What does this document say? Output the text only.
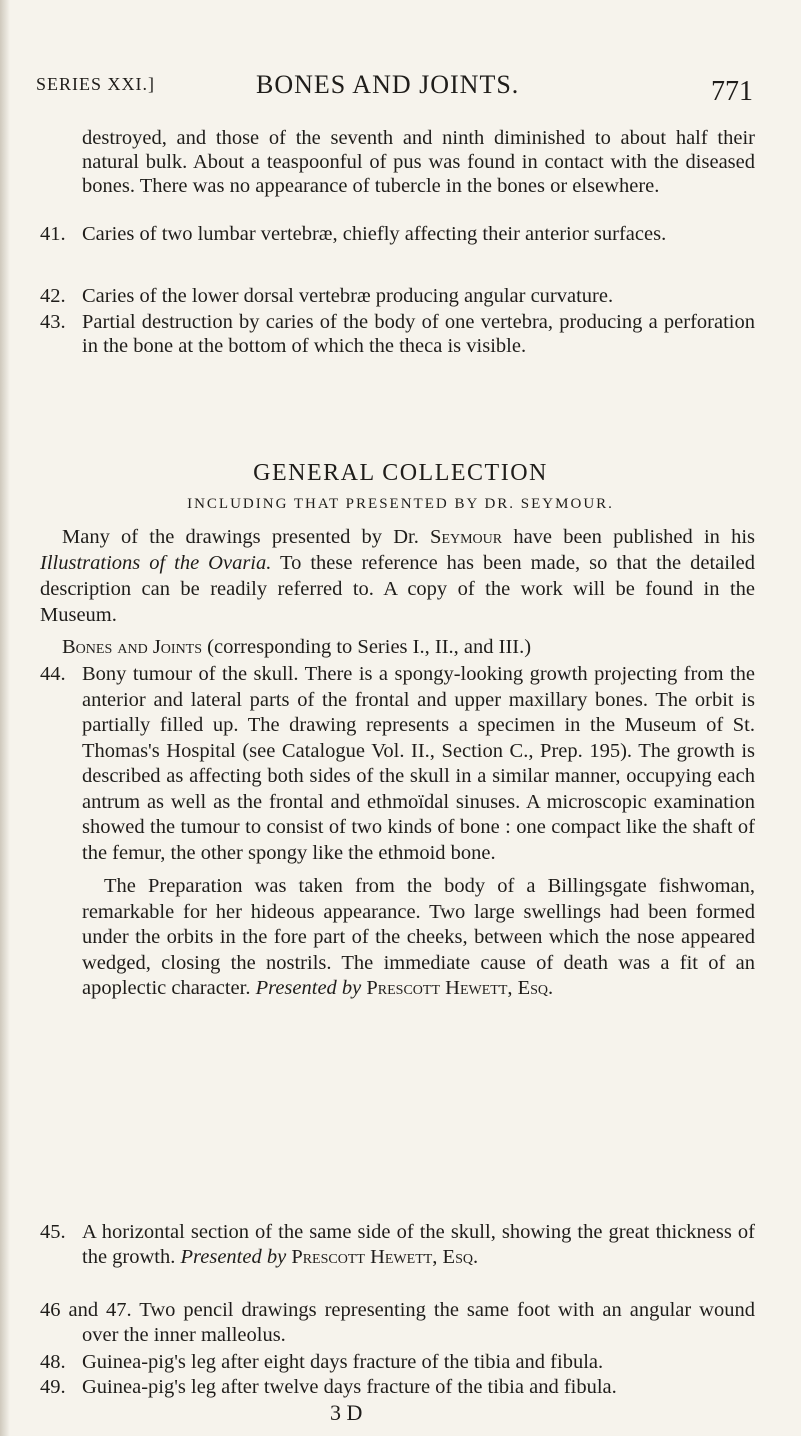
SERIES XXI.]	BONES AND JOINTS.	771
destroyed, and those of the seventh and ninth diminished to about half their natural bulk. About a teaspoonful of pus was found in contact with the diseased bones. There was no appearance of tubercle in the bones or elsewhere.
41. Caries of two lumbar vertebræ, chiefly affecting their anterior surfaces.
42. Caries of the lower dorsal vertebræ producing angular curvature.
43. Partial destruction by caries of the body of one vertebra, producing a perforation in the bone at the bottom of which the theca is visible.
GENERAL COLLECTION
INCLUDING THAT PRESENTED BY DR. SEYMOUR.
Many of the drawings presented by Dr. Seymour have been published in his Illustrations of the Ovaria. To these reference has been made, so that the detailed description can be readily referred to. A copy of the work will be found in the Museum.
Bones and Joints (corresponding to Series I., II., and III.)
44. Bony tumour of the skull. There is a spongy-looking growth projecting from the anterior and lateral parts of the frontal and upper maxillary bones. The orbit is partially filled up. The drawing represents a specimen in the Museum of St. Thomas's Hospital (see Catalogue Vol. II., Section C., Prep. 195). The growth is described as affecting both sides of the skull in a similar manner, occupying each antrum as well as the frontal and ethmoïdal sinuses. A microscopic examination showed the tumour to consist of two kinds of bone : one compact like the shaft of the femur, the other spongy like the ethmoid bone.
The Preparation was taken from the body of a Billingsgate fishwoman, remarkable for her hideous appearance. Two large swellings had been formed under the orbits in the fore part of the cheeks, between which the nose appeared wedged, closing the nostrils. The immediate cause of death was a fit of an apoplectic character. Presented by Prescott Hewett, Esq.
45. A horizontal section of the same side of the skull, showing the great thickness of the growth. Presented by Prescott Hewett, Esq.
46 and 47. Two pencil drawings representing the same foot with an angular wound over the inner malleolus.
48. Guinea-pig's leg after eight days fracture of the tibia and fibula.
49. Guinea-pig's leg after twelve days fracture of the tibia and fibula.
3 D
